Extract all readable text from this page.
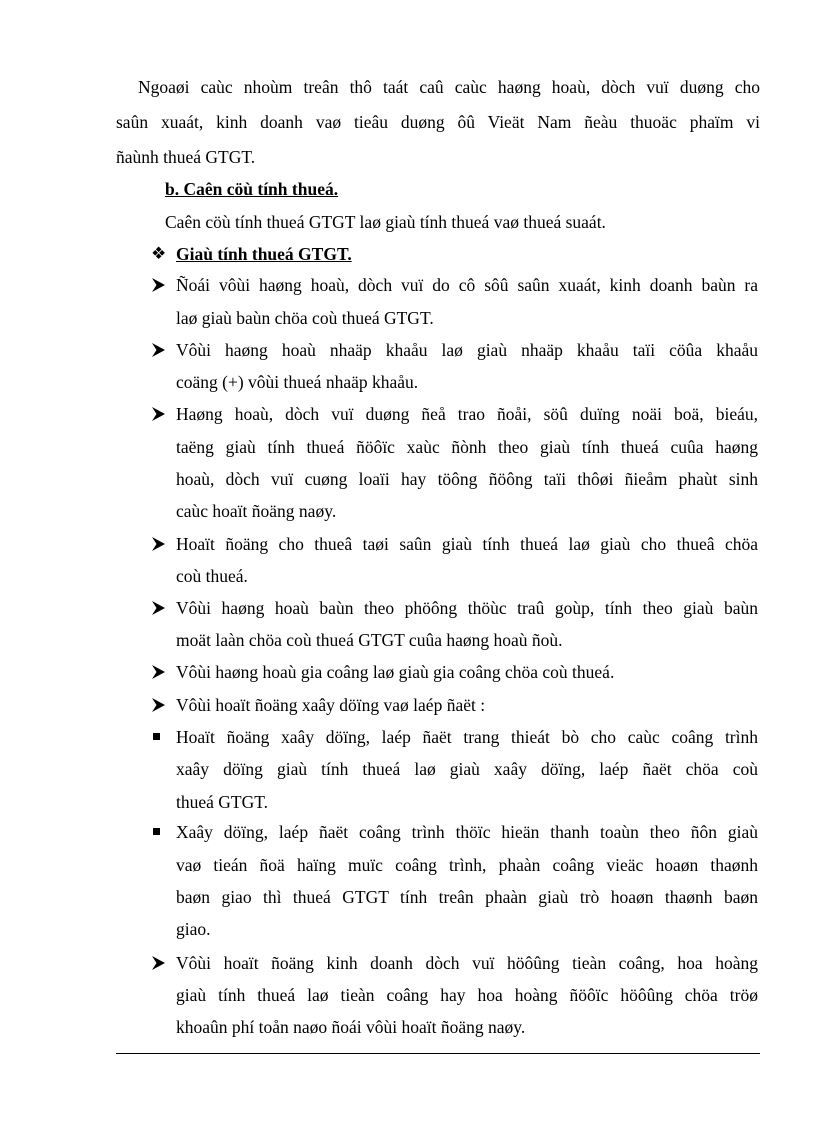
Ngoaøi caùc nhoùm treân thô taát caû caùc haøng hoaù, dòch vuï duøng cho
saûn xuaát, kinh doanh vaø tieâu duøng ôû Vieät Nam ñeàu thuoäc phaïm vi
ñaùnh thueá GTGT.
b. Caên cöù tính thueá.
Caên cöù tính thueá GTGT laø giaù tính thueá vaø thueá suaát.
❖ Giaù tính thueá GTGT.
Ñoái vôùi haøng hoaù, dòch vuï do cô sôû saûn xuaát, kinh doanh baùn ra
laø giaù baùn chöa coù thueá GTGT.
Vôùi haøng hoaù nhaäp khaåu laø giaù nhaäp khaåu taïi cöûa khaåu
coäng (+) vôùi thueá nhaäp khaåu.
Haøng hoaù, dòch vuï duøng ñeå trao ñoåi, söû duïng noäi boä, bieáu,
taëng giaù tính thueá ñöôïc xaùc ñònh theo giaù tính thueá cuûa haøng
hoaù, dòch vuï cuøng loaïi hay töông ñöông taïi thôøi ñieåm phaùt sinh
caùc hoaït ñoäng naøy.
Hoaït ñoäng cho thueâ taøi saûn giaù tính thueá laø giaù cho thueâ chöa
coù thueá.
Vôùi haøng hoaù baùn theo phöông thöùc traû goùp, tính theo giaù baùn
moät laàn chöa coù thueá GTGT cuûa haøng hoaù ñoù.
Vôùi haøng hoaù gia coâng laø giaù gia coâng chöa coù thueá.
Vôùi hoaït ñoäng xaây döïng vaø laép ñaët :
Hoaït ñoäng xaây döïng, laép ñaët trang thieát bò cho caùc coâng trình
xaây döïng giaù tính thueá laø giaù xaây döïng, laép ñaët chöa coù
thueá GTGT.
Xaây döïng, laép ñaët coâng trình thöïc hieän thanh toaùn theo ñôn giaù
vaø tieán ñoä haïng muïc coâng trình, phaàn coâng vieäc hoaøn thaønh
baøn giao thì thueá GTGT tính treân phaàn giaù trò hoaøn thaønh baøn
giao.
Vôùi hoaït ñoäng kinh doanh dòch vuï höôûng tieàn coâng, hoa hoàng
giaù tính thueá laø tieàn coâng hay hoa hoàng ñöôïc höôûng chöa tröø
khoaûn phí toån naøo ñoái vôùi hoaït ñoäng naøy.
